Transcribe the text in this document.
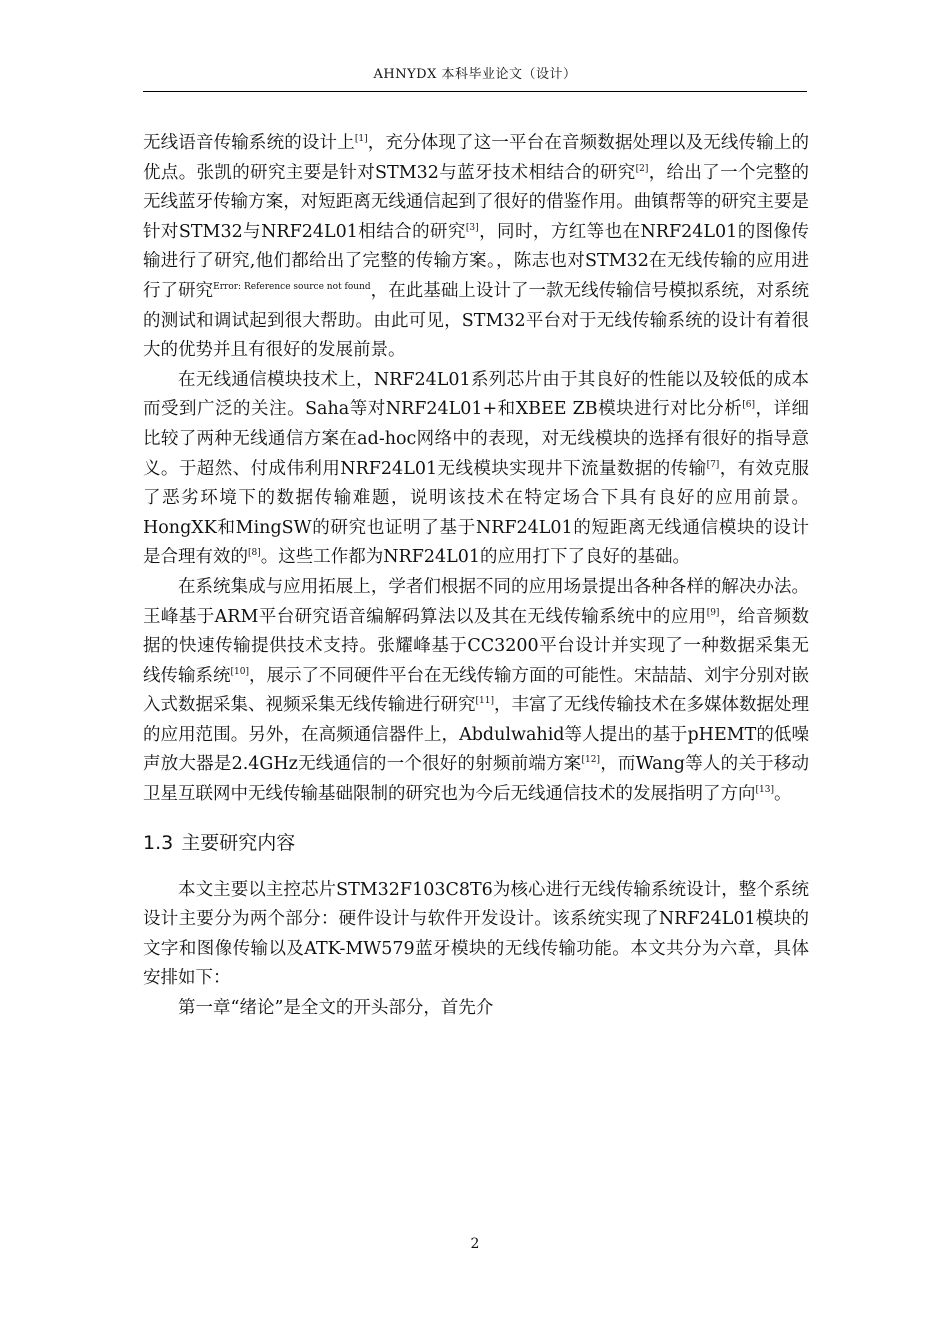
AHNYDX 本科毕业论文（设计）

无线语音传输系统的设计上[1]，充分体现了这一平台在音频数据处理以及无线传输上的优点。张凯的研究主要是针对STM32与蓝牙技术相结合的研究[2]，给出了一个完整的无线蓝牙传输方案，对短距离无线通信起到了很好的借鉴作用。曲镇帮等的研究主要是针对STM32与NRF24L01相结合的研究[3]，同时，方红等也在NRF24L01的图像传输进行了研究,他们都给出了完整的传输方案。，陈志也对STM32在无线传输的应用进行了研究$^{Error: Reference source not found}$，在此基础上设计了一款无线传输信号模拟系统，对系统的测试和调试起到很大帮助。由此可见，STM32平台对于无线传输系统的设计有着很大的优势并且有很好的发展前景。

在无线通信模块技术上，NRF24L01系列芯片由于其良好的性能以及较低的成本而受到广泛的关注。Saha等对NRF24L01+和XBEE ZB模块进行对比分析[6]，详细比较了两种无线通信方案在ad-hoc网络中的表现，对无线模块的选择有很好的指导意义。于超然、付成伟利用NRF24L01无线模块实现井下流量数据的传输[7]，有效克服了恶劣环境下的数据传输难题，说明该技术在特定场合下具有良好的应用前景。HongXK和MingSW的研究也证明了基于NRF24L01的短距离无线通信模块的设计是合理有效的[8]。这些工作都为NRF24L01的应用打下了良好的基础。

在系统集成与应用拓展上，学者们根据不同的应用场景提出各种各样的解决办法。王峰基于ARM平台研究语音编解码算法以及其在无线传输系统中的应用[9]，给音频数据的快速传输提供技术支持。张耀峰基于CC3200平台设计并实现了一种数据采集无线传输系统[10]，展示了不同硬件平台在无线传输方面的可能性。宋喆喆、刘宇分别对嵌入式数据采集、视频采集无线传输进行研究[11]，丰富了无线传输技术在多媒体数据处理的应用范围。另外，在高频通信器件上，Abdulwahid等人提出的基于pHEMT的低噪声放大器是2.4GHz无线通信的一个很好的射频前端方案[12]，而Wang等人的关于移动卫星互联网中无线传输基础限制的研究也为今后无线通信技术的发展指明了方向[13]。

1.3 主要研究内容

本文主要以主控芯片STM32F103C8T6为核心进行无线传输系统设计，整个系统设计主要分为两个部分：硬件设计与软件开发设计。该系统实现了NRF24L01模块的文字和图像传输以及ATK-MW579蓝牙模块的无线传输功能。本文共分为六章，具体安排如下：

第一章“绪论”是全文的开头部分，首先介

2
